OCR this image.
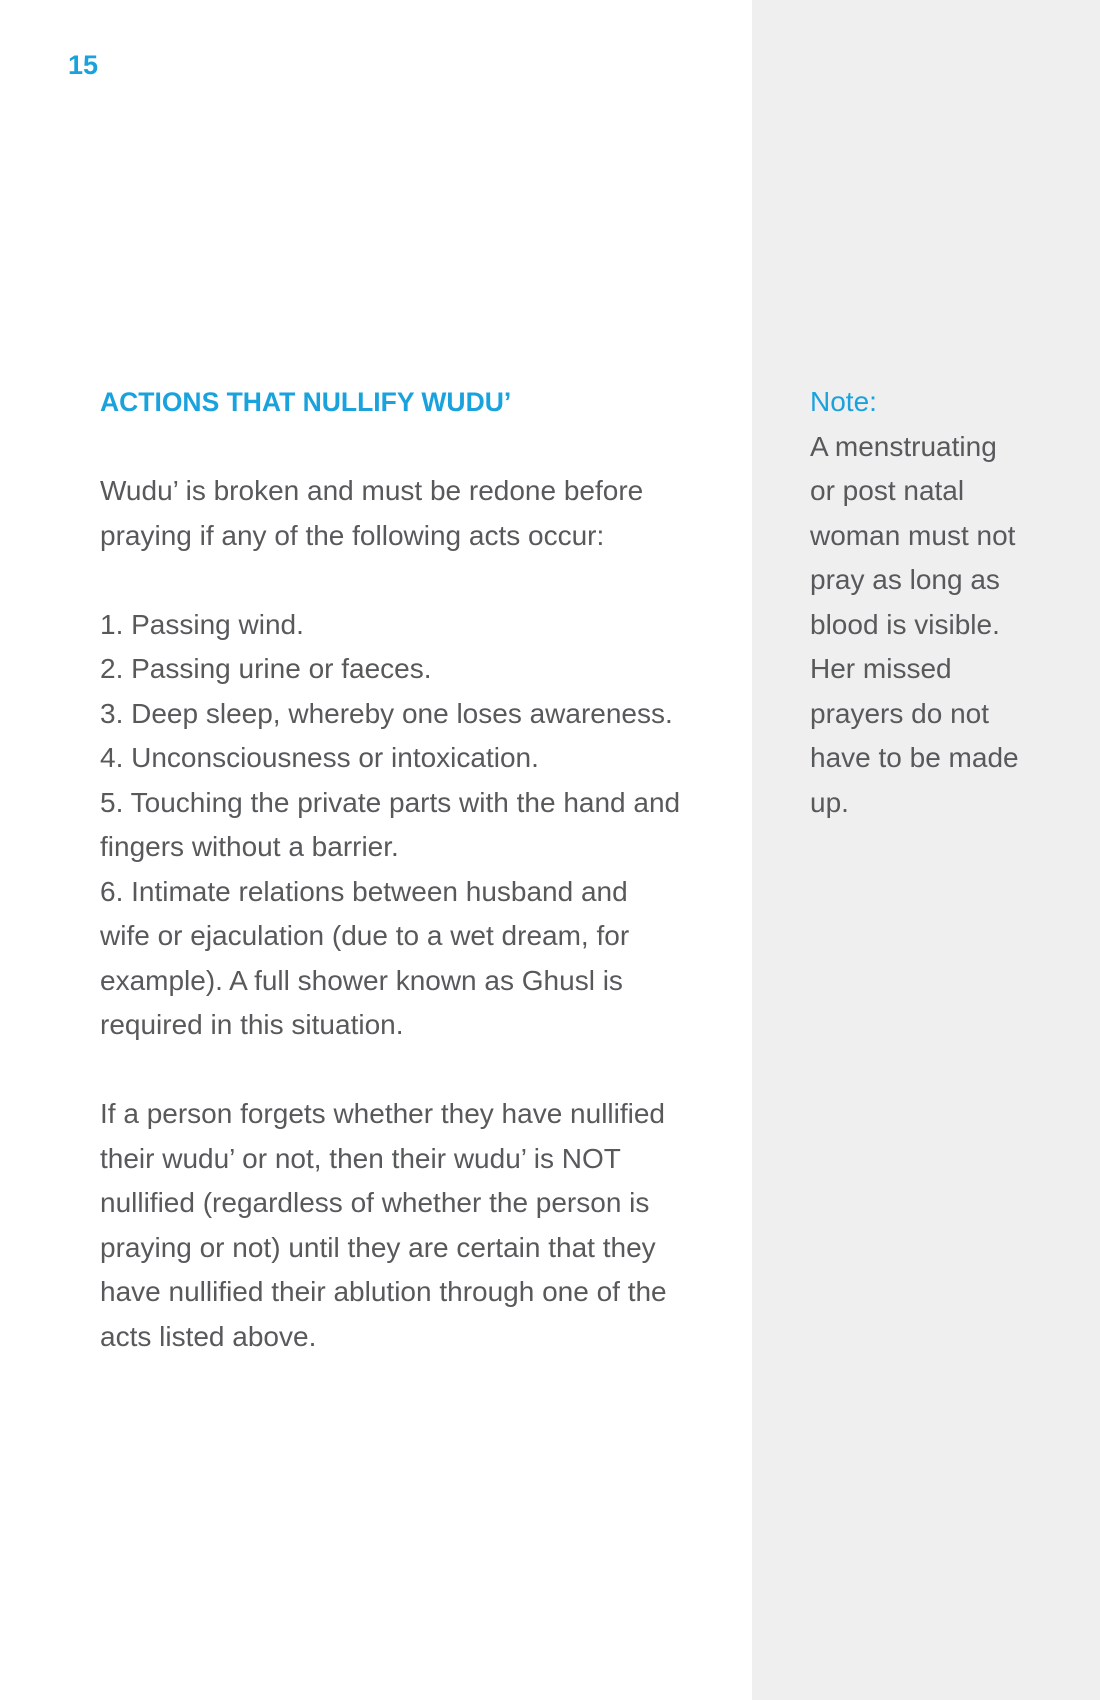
15
ACTIONS THAT NULLIFY WUDU’

Wudu’ is broken and must be redone before

praying if any of the following acts occur:

1. Passing wind.

2. Passing urine or faeces.

3. Deep sleep, whereby one loses awareness.

4. Unconsciousness or intoxication.

5. Touching the private parts with the hand and

fingers without a barrier.

6. Intimate relations between husband and

wife or ejaculation (due to a wet dream, for

example). A full shower known as Ghusl is

required in this situation.

If a person forgets whether they have nullified

their wudu’ or not, then their wudu’ is NOT

nullified (regardless of whether the person is

praying or not) until they are certain that they

have nullified their ablution through one of the

acts listed above.

Note:

A menstruating

or post natal

woman must not

pray as long as

blood is visible.

Her missed

prayers do not

have to be made

up.
